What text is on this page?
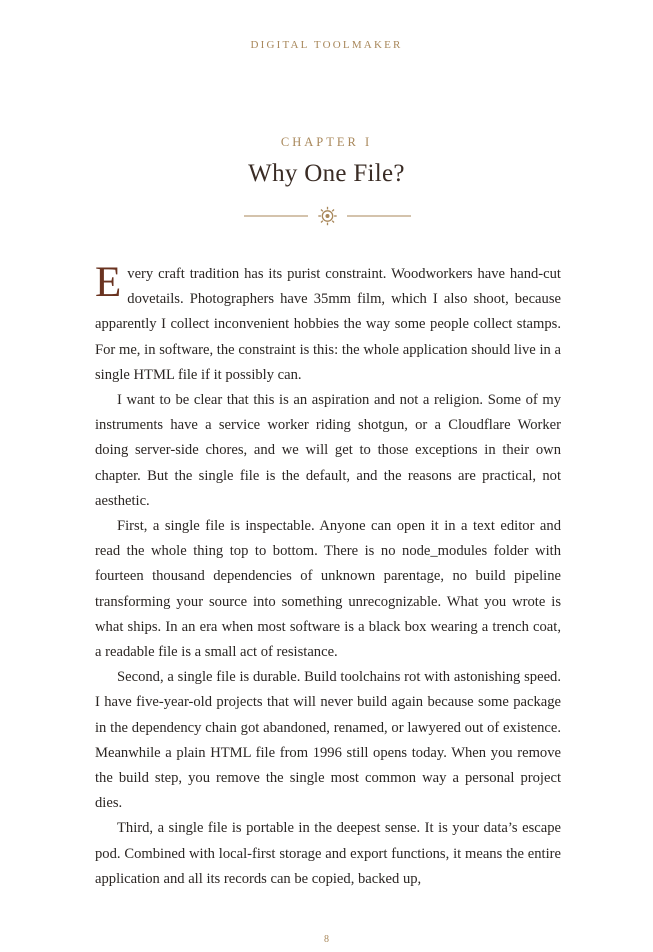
DIGITAL TOOLMAKER
CHAPTER I
Why One File?

Every craft tradition has its purist constraint. Woodworkers have hand-cut dovetails. Photographers have 35mm film, which I also shoot, because apparently I collect inconvenient hobbies the way some people collect stamps. For me, in software, the constraint is this: the whole application should live in a single HTML file if it possibly can.

I want to be clear that this is an aspiration and not a religion. Some of my instruments have a service worker riding shotgun, or a Cloudflare Worker doing server-side chores, and we will get to those exceptions in their own chapter. But the single file is the default, and the reasons are practical, not aesthetic.

First, a single file is inspectable. Anyone can open it in a text editor and read the whole thing top to bottom. There is no node_modules folder with fourteen thousand dependencies of unknown parentage, no build pipeline transforming your source into something unrecognizable. What you wrote is what ships. In an era when most software is a black box wearing a trench coat, a readable file is a small act of resistance.

Second, a single file is durable. Build toolchains rot with astonishing speed. I have five-year-old projects that will never build again because some package in the dependency chain got abandoned, renamed, or lawyered out of existence. Meanwhile a plain HTML file from 1996 still opens today. When you remove the build step, you remove the single most common way a personal project dies.

Third, a single file is portable in the deepest sense. It is your data’s escape pod. Combined with local-first storage and export functions, it means the entire application and all its records can be copied, backed up,

8
